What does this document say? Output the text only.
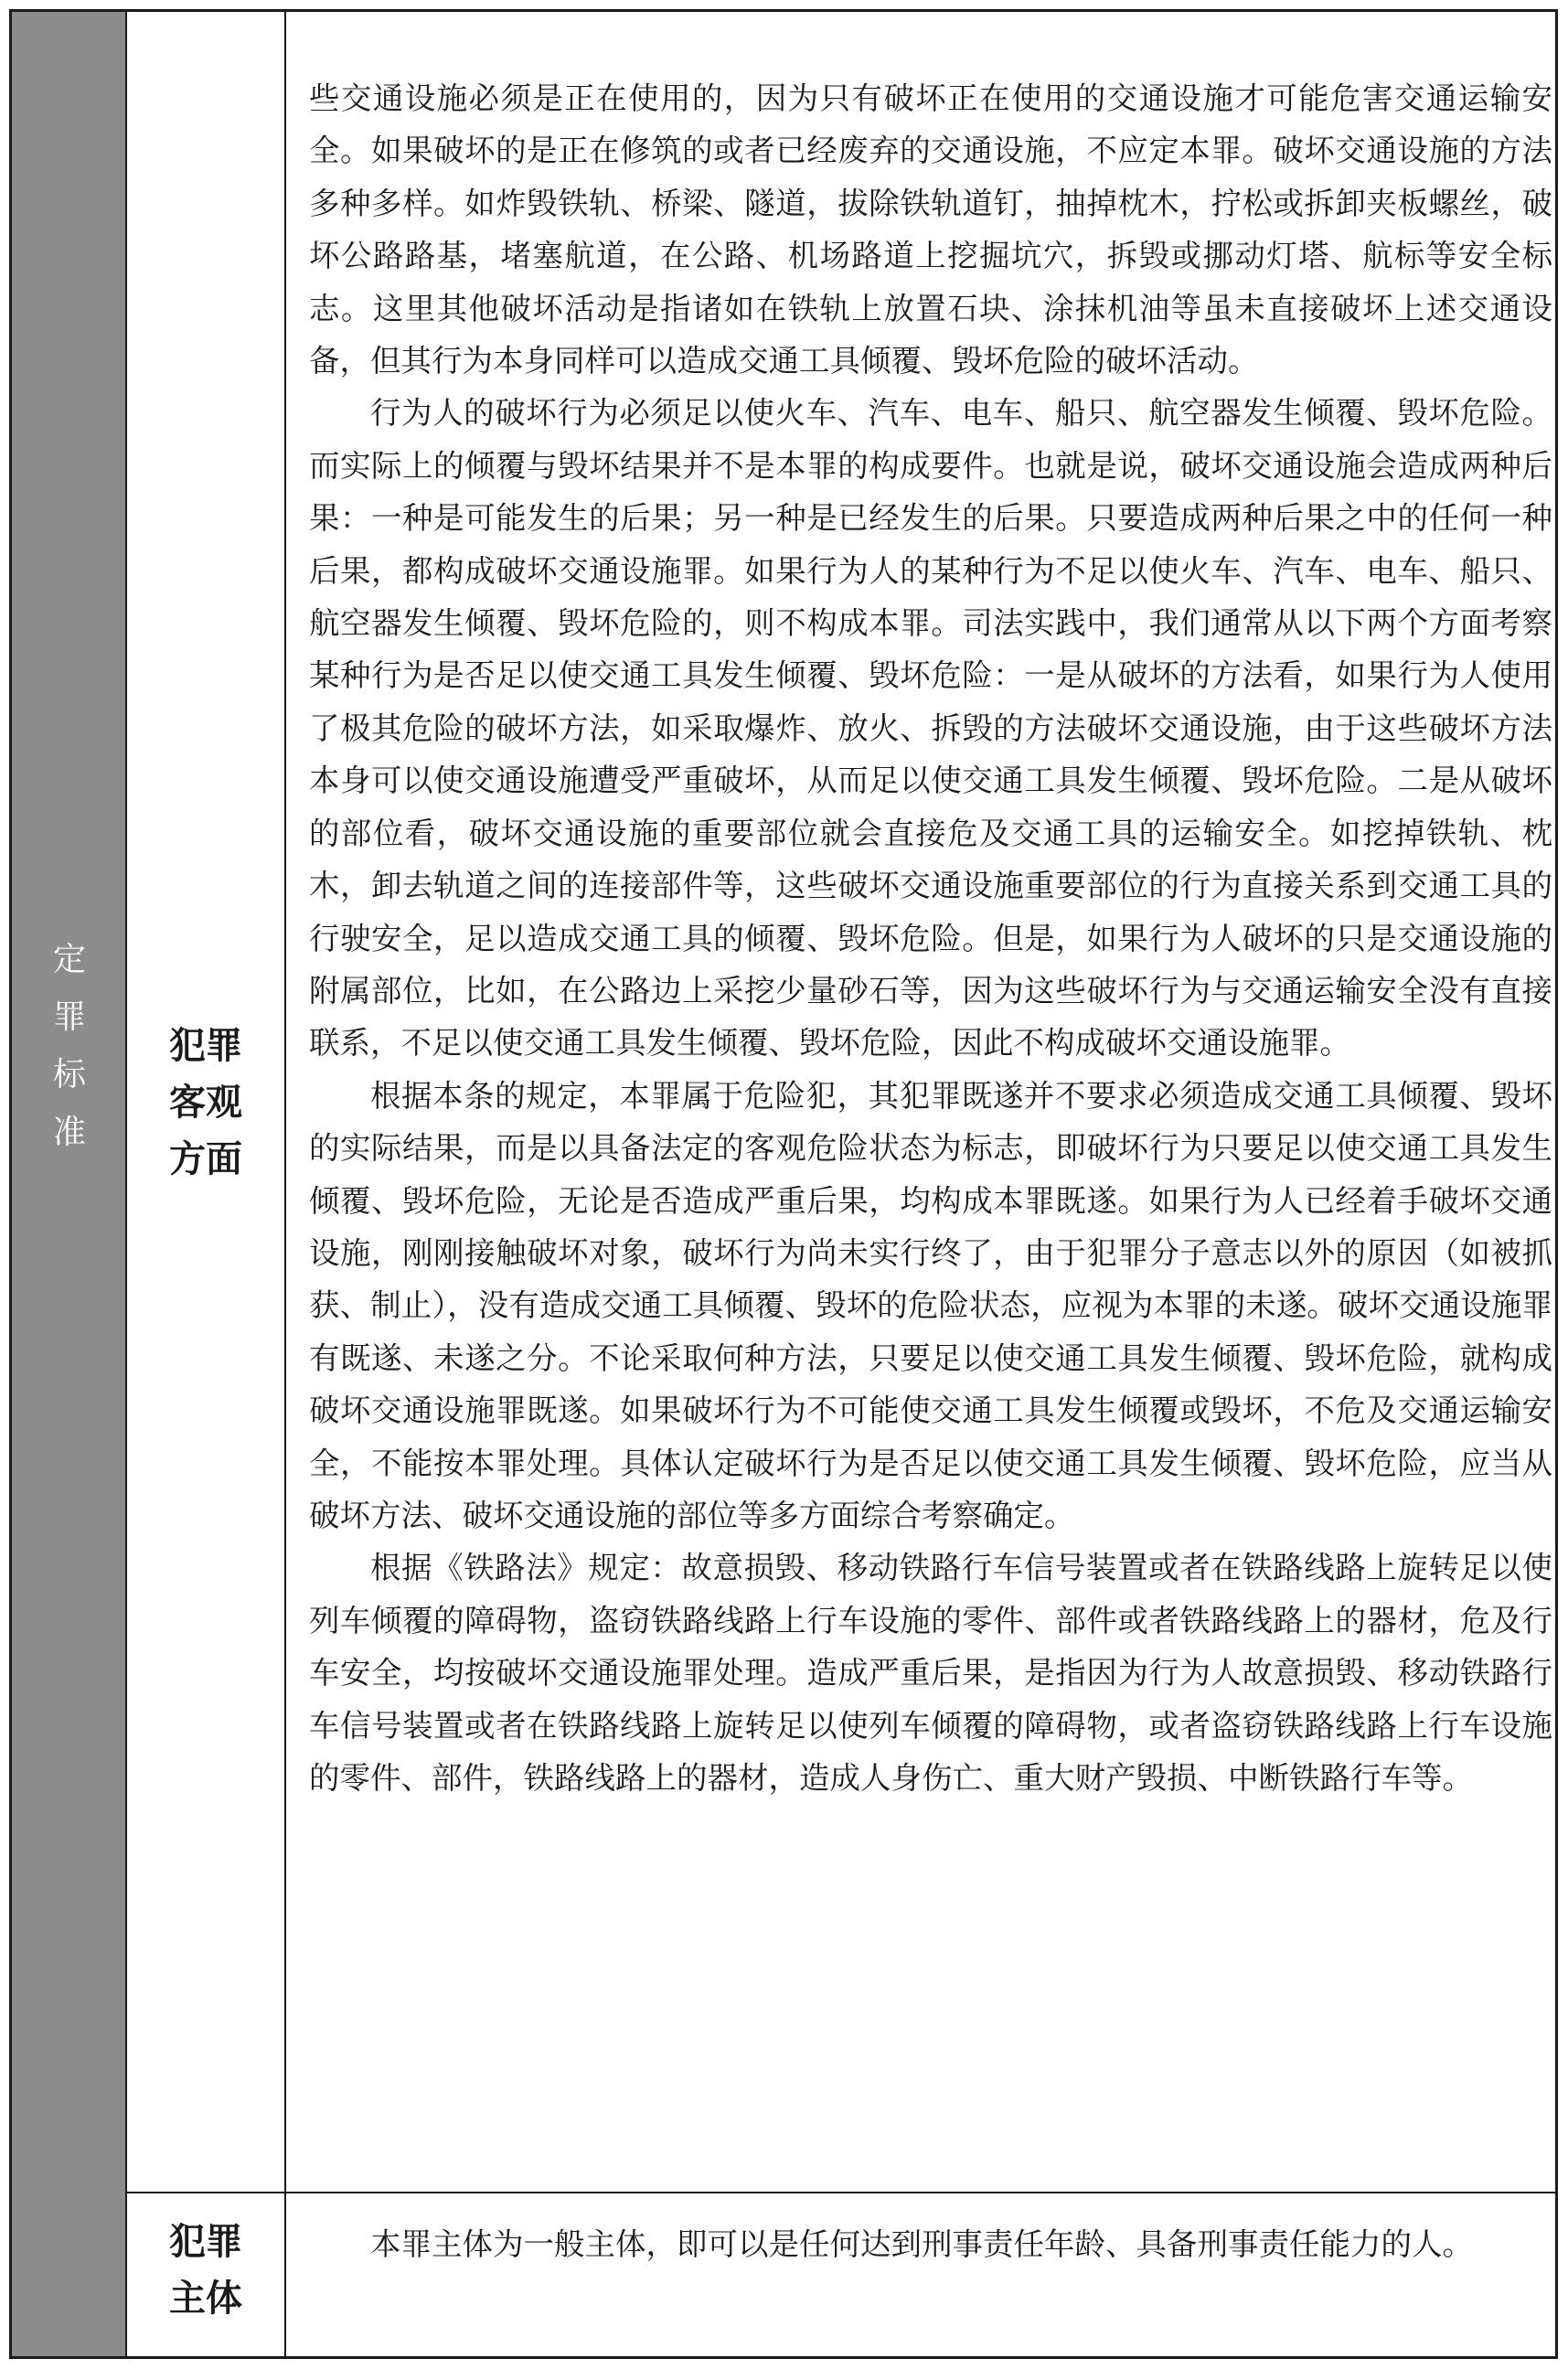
定
罪
标
准
犯罪
客观
方面

些交通设施必须是正在使用的，因为只有破坏正在使用的交通设施才可能危害交通运输安全。如果破坏的是正在修筑的或者已经废弃的交通设施，不应定本罪。破坏交通设施的方法多种多样。如炸毁铁轨、桥梁、隧道，拔除铁轨道钉，抽掉枕木，拧松或拆卸夹板螺丝，破坏公路路基，堵塞航道，在公路、机场路道上挖掘坑穴，拆毁或挪动灯塔、航标等安全标志。这里其他破坏活动是指诸如在铁轨上放置石块、涂抹机油等虽未直接破坏上述交通设备，但其行为本身同样可以造成交通工具倾覆、毁坏危险的破坏活动。

行为人的破坏行为必须足以使火车、汽车、电车、船只、航空器发生倾覆、毁坏危险。而实际上的倾覆与毁坏结果并不是本罪的构成要件。也就是说，破坏交通设施会造成两种后果：一种是可能发生的后果；另一种是已经发生的后果。只要造成两种后果之中的任何一种后果，都构成破坏交通设施罪。如果行为人的某种行为不足以使火车、汽车、电车、船只、航空器发生倾覆、毁坏危险的，则不构成本罪。司法实践中，我们通常从以下两个方面考察某种行为是否足以使交通工具发生倾覆、毁坏危险：一是从破坏的方法看，如果行为人使用了极其危险的破坏方法，如采取爆炸、放火、拆毁的方法破坏交通设施，由于这些破坏方法本身可以使交通设施遭受严重破坏，从而足以使交通工具发生倾覆、毁坏危险。二是从破坏的部位看，破坏交通设施的重要部位就会直接危及交通工具的运输安全。如挖掉铁轨、枕木，卸去轨道之间的连接部件等，这些破坏交通设施重要部位的行为直接关系到交通工具的行驶安全，足以造成交通工具的倾覆、毁坏危险。但是，如果行为人破坏的只是交通设施的附属部位，比如，在公路边上采挖少量砂石等，因为这些破坏行为与交通运输安全没有直接联系，不足以使交通工具发生倾覆、毁坏危险，因此不构成破坏交通设施罪。

根据本条的规定，本罪属于危险犯，其犯罪既遂并不要求必须造成交通工具倾覆、毁坏的实际结果，而是以具备法定的客观危险状态为标志，即破坏行为只要足以使交通工具发生倾覆、毁坏危险，无论是否造成严重后果，均构成本罪既遂。如果行为人已经着手破坏交通设施，刚刚接触破坏对象，破坏行为尚未实行终了，由于犯罪分子意志以外的原因（如被抓获、制止），没有造成交通工具倾覆、毁坏的危险状态，应视为本罪的未遂。破坏交通设施罪有既遂、未遂之分。不论采取何种方法，只要足以使交通工具发生倾覆、毁坏危险，就构成破坏交通设施罪既遂。如果破坏行为不可能使交通工具发生倾覆或毁坏，不危及交通运输安全，不能按本罪处理。具体认定破坏行为是否足以使交通工具发生倾覆、毁坏危险，应当从破坏方法、破坏交通设施的部位等多方面综合考察确定。

根据《铁路法》规定：故意损毁、移动铁路行车信号装置或者在铁路线路上旋转足以使列车倾覆的障碍物，盗窃铁路线路上行车设施的零件、部件或者铁路线路上的器材，危及行车安全，均按破坏交通设施罪处理。造成严重后果，是指因为行为人故意损毁、移动铁路行车信号装置或者在铁路线路上旋转足以使列车倾覆的障碍物，或者盗窃铁路线路上行车设施的零件、部件，铁路线路上的器材，造成人身伤亡、重大财产毁损、中断铁路行车等。

犯罪
主体

本罪主体为一般主体，即可以是任何达到刑事责任年龄、具备刑事责任能力的人。
